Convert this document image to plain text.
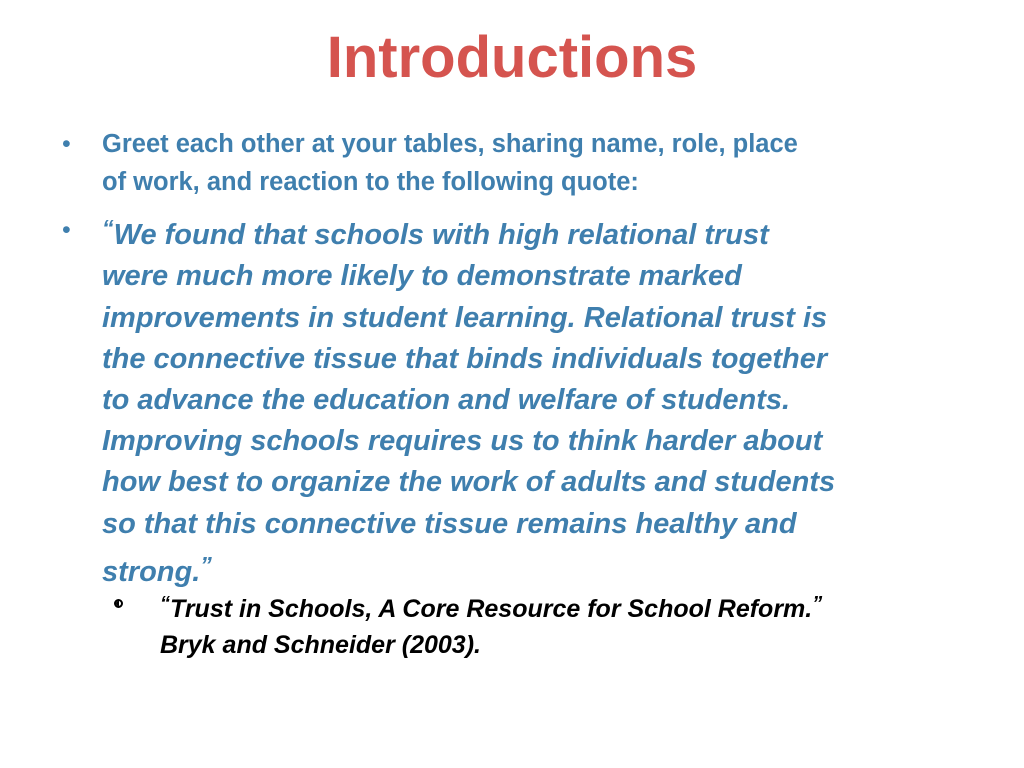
Introductions
• Greet each other at your tables, sharing name, role, place
of work, and reaction to the following quote:
• “We found that schools with high relational trust
were much more likely to demonstrate marked
improvements in student learning. Relational trust is
the connective tissue that binds individuals together
to advance the education and welfare of students.
Improving schools requires us to think harder about
how best to organize the work of adults and students
so that this connective tissue remains healthy and
strong.”
“Trust in Schools, A Core Resource for School Reform.”
Bryk and Schneider (2003).
